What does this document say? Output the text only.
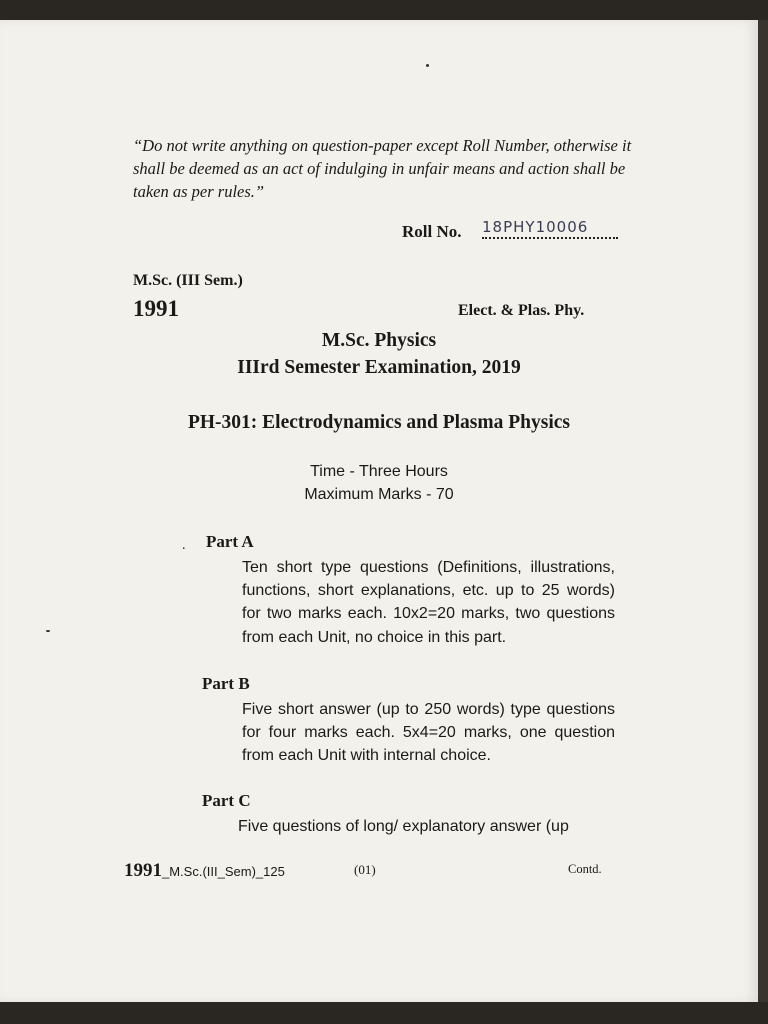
“Do not write anything on question-paper except Roll Number, otherwise it shall be deemed as an act of indulging in unfair means and action shall be taken as per rules.”
Roll No. 18PHY10006
M.Sc. (III Sem.)
1991	Elect. & Plas. Phy.
M.Sc. Physics
IIIrd Semester Examination, 2019
PH-301: Electrodynamics and Plasma Physics
Time - Three Hours
Maximum Marks - 70
. Part A
Ten short type questions (Definitions, illustrations, functions, short explanations, etc. up to 25 words) for two marks each. 10x2=20 marks, two questions from each Unit, no choice in this part.
Part B
Five short answer (up to 250 words) type questions for four marks each. 5x4=20 marks, one question from each Unit with internal choice.
Part C
Five questions of long/ explanatory answer (up
1991_M.Sc.(III_Sem)_125	(01)	Contd.
